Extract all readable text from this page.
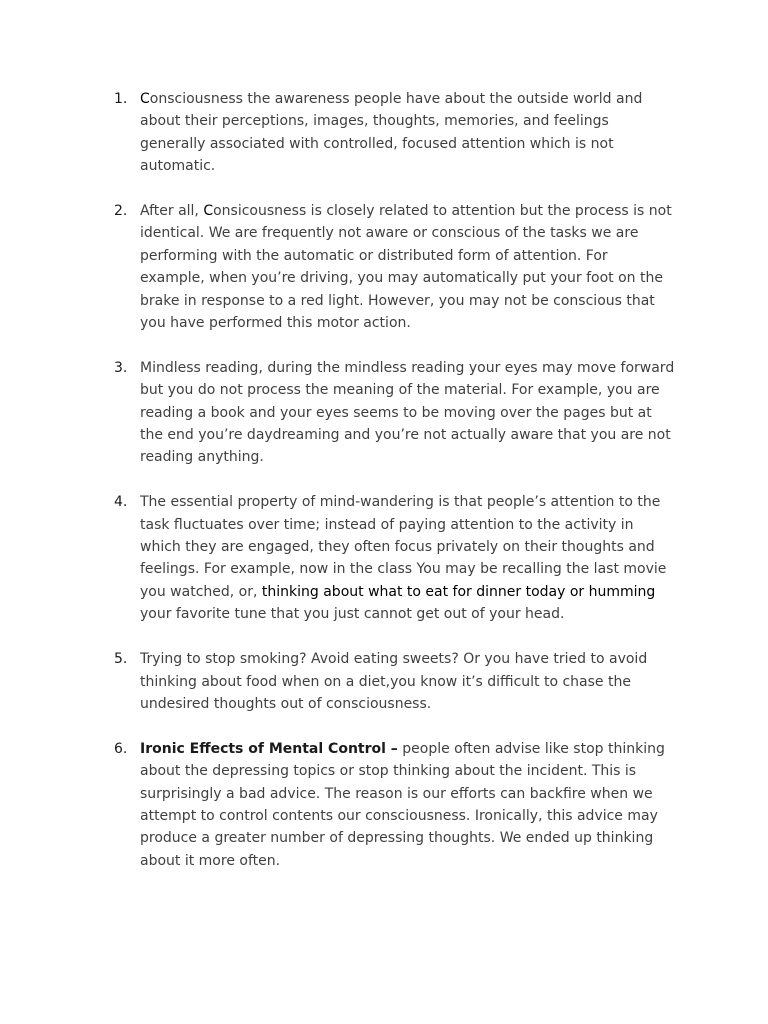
1. Consciousness the awareness people have about the outside world and about their perceptions, images, thoughts, memories, and feelings generally associated with controlled, focused attention which is not automatic.
2. After all, Consicousness is closely related to attention but the process is not identical. We are frequently not aware or conscious of the tasks we are performing with the automatic or distributed form of attention. For example, when you’re driving, you may automatically put your foot on the brake in response to a red light. However, you may not be conscious that you have performed this motor action.
3. Mindless reading, during the mindless reading your eyes may move forward but you do not process the meaning of the material. For example, you are reading a book and your eyes seems to be moving over the pages but at the end you’re daydreaming and you’re not actually aware that you are not reading anything.
4. The essential property of mind-wandering is that people’s attention to the task fluctuates over time; instead of paying attention to the activity in which they are engaged, they often focus privately on their thoughts and feelings. For example, now in the class You may be recalling the last movie you watched, or, thinking about what to eat for dinner today or humming your favorite tune that you just cannot get out of your head.
5. Trying to stop smoking? Avoid eating sweets? Or you have tried to avoid thinking about food when on a diet,you know it’s difficult to chase the undesired thoughts out of consciousness.
6. Ironic Effects of Mental Control – people often advise like stop thinking about the depressing topics or stop thinking about the incident. This is surprisingly a bad advice. The reason is our efforts can backfire when we attempt to control contents our consciousness. Ironically, this advice may produce a greater number of depressing thoughts. We ended up thinking about it more often.
